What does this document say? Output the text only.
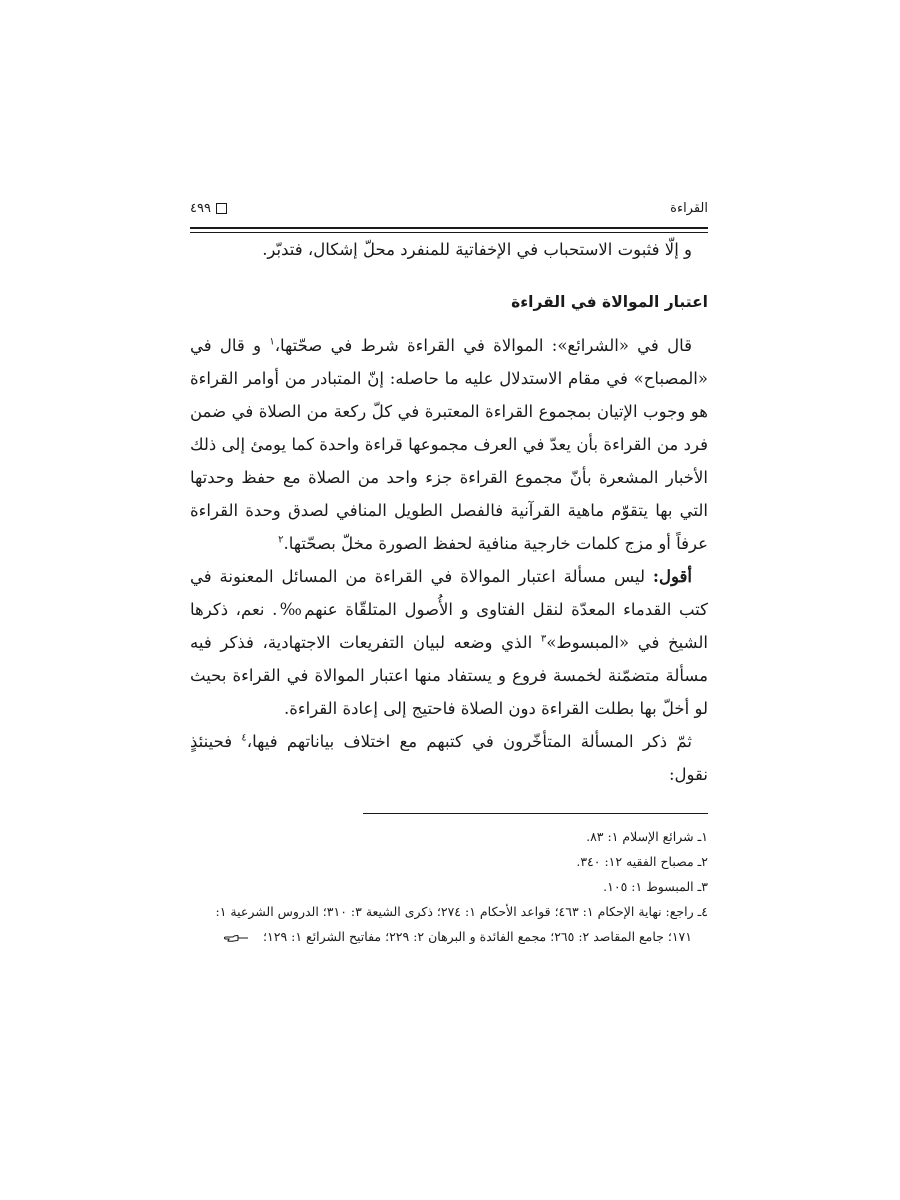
القراءة
٤٩٩

و إلّا فثبوت الاستحباب في الإخفاتية للمنفرد محلّ إشكال، فتدبّر.

اعتبار الموالاة في القراءة

قال في «الشرائع»: الموالاة في القراءة شرط في صحّتها،$^١$ و قال في «المصباح» في مقام الاستدلال عليه ما حاصله: إنّ المتبادر من أوامر القراءة هو وجوب الإتيان بمجموع القراءة المعتبرة في كلّ ركعة من الصلاة في ضمن فرد من القراءة بأن يعدّ في العرف مجموعها قراءة واحدة كما يومئ إلى ذلك الأخبار المشعرة بأنّ مجموع القراءة جزء واحد من الصلاة مع حفظ وحدتها التي بها يتقوّم ماهية القرآنية فالفصل الطويل المنافي لصدق وحدة القراءة عرفاً أو مزج كلمات خارجية منافية لحفظ الصورة مخلّ بصحّتها.$^٢$

أقول: ليس مسألة اعتبار الموالاة في القراءة من المسائل المعنونة في كتب القدماء المعدّة لنقل الفتاوى و الأُصول المتلقّاة عنهم‰. نعم، ذكرها الشيخ في «المبسوط»$^٣$ الذي وضعه لبيان التفريعات الاجتهادية، فذكر فيه مسألة متضمّنة لخمسة فروع و يستفاد منها اعتبار الموالاة في القراءة بحيث لو أخلّ بها بطلت القراءة دون الصلاة فاحتيج إلى إعادة القراءة.

ثمّ ذكر المسألة المتأخّرون في كتبهم مع اختلاف بياناتهم فيها،$^٤$ فحينئذٍ نقول:

١ـ شرائع الإسلام ١: ٨٣.

٢ـ مصباح الفقيه ١٢: ٣٤٠.

٣ـ المبسوط ١: ١٠٥.

٤ـ راجع: نهاية الإحكام ١: ٤٦٣؛ قواعد الأحكام ١: ٢٧٤؛ ذكرى الشيعة ٣: ٣١٠؛ الدروس الشرعية ١:

١٧١؛ جامع المقاصد ٢: ٢٦٥؛ مجمع الفائدة و البرهان ٢: ٢٢٩؛ مفاتيح الشرائع ١: ١٢٩؛
